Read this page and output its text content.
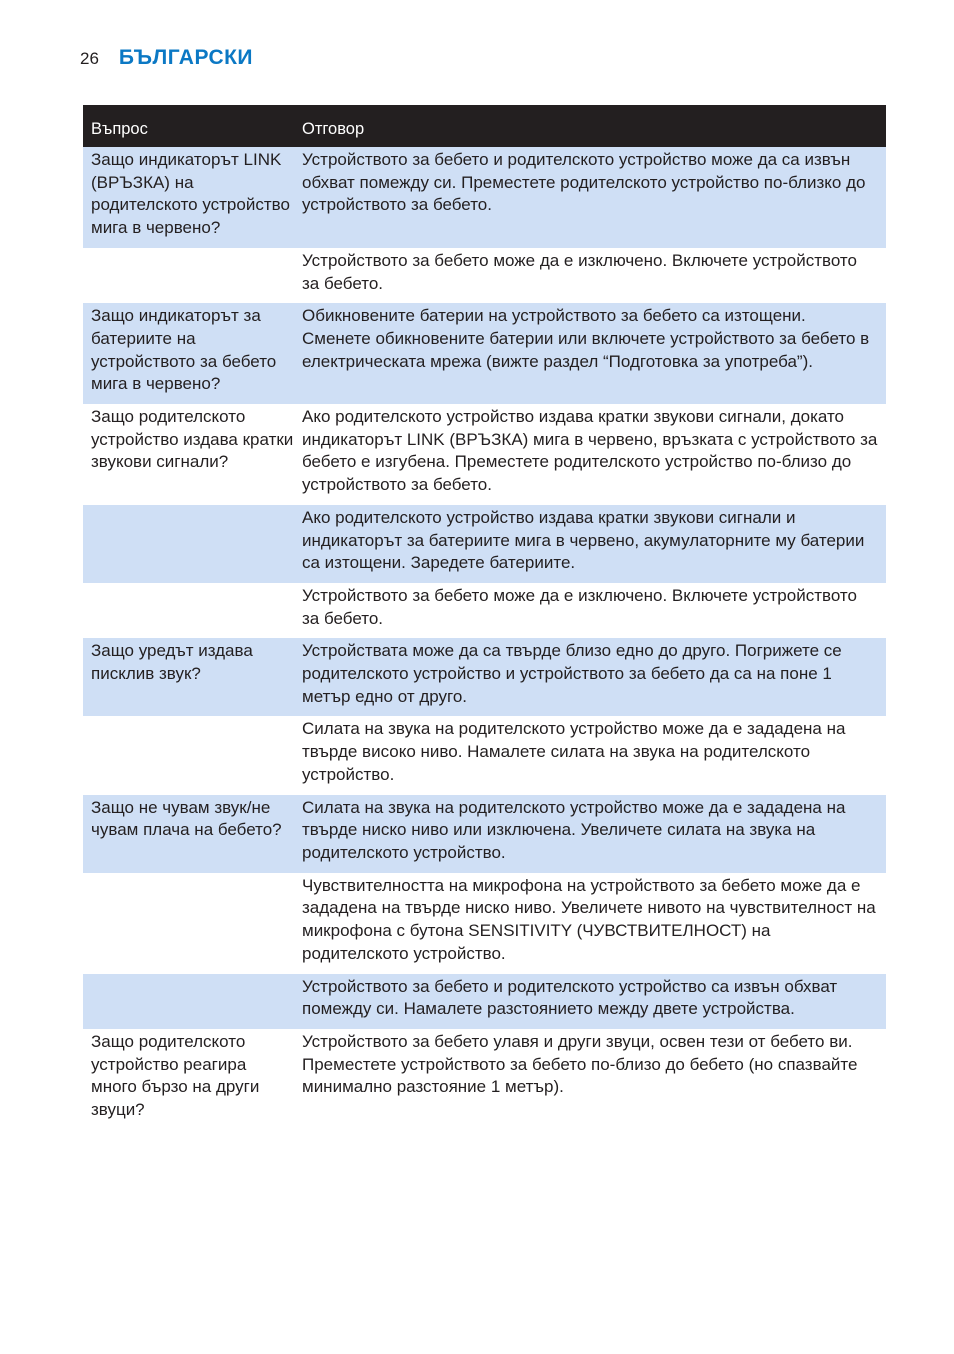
26 БЪЛГАРСКИ
Въпрос	Отговор
Защо индикаторът LINK (ВРЪЗКА) на родителското устройство мига в червено?
Устройството за бебето и родителското устройство може да са извън обхват помежду си. Преместете родителското устройство по-близко до устройството за бебето.
Устройството за бебето може да е изключено. Включете устройството за бебето.
Защо индикаторът за батериите на устройството за бебето мига в червено?
Обикновените батерии на устройството за бебето са изтощени. Сменете обикновените батерии или включете устройството за бебето в електрическата мрежа (вижте раздел “Подготовка за употреба”).
Защо родителското устройство издава кратки звукови сигнали?
Ако родителското устройство издава кратки звукови сигнали, докато индикаторът LINK (ВРЪЗКА) мига в червено, връзката с устройството за бебето е изгубена. Преместете родителското устройство по-близо до устройството за бебето.
Ако родителското устройство издава кратки звукови сигнали и индикаторът за батериите мига в червено, акумулаторните му батерии са изтощени. Заредете батериите.
Устройството за бебето може да е изключено. Включете устройството за бебето.
Защо уредът издава писклив звук?
Устройствата може да са твърде близо едно до друго. Погрижете се родителското устройство и устройството за бебето да са на поне 1 метър едно от друго.
Силата на звука на родителското устройство може да е зададена на твърде високо ниво. Намалете силата на звука на родителското устройство.
Защо не чувам звук/не чувам плача на бебето?
Силата на звука на родителското устройство може да е зададена на твърде ниско ниво или изключена. Увеличете силата на звука на родителското устройство.
Чувствителността на микрофона на устройството за бебето може да е зададена на твърде ниско ниво. Увеличете нивото на чувствителност на микрофона с бутона SENSITIVITY (ЧУВСТВИТЕЛНОСТ) на родителското устройство.
Устройството за бебето и родителското устройство са извън обхват помежду си. Намалете разстоянието между двете устройства.
Защо родителското устройство реагира много бързо на други звуци?
Устройството за бебето улавя и други звуци, освен тези от бебето ви. Преместете устройството за бебето по-близо до бебето (но спазвайте минимално разстояние 1 метър).
